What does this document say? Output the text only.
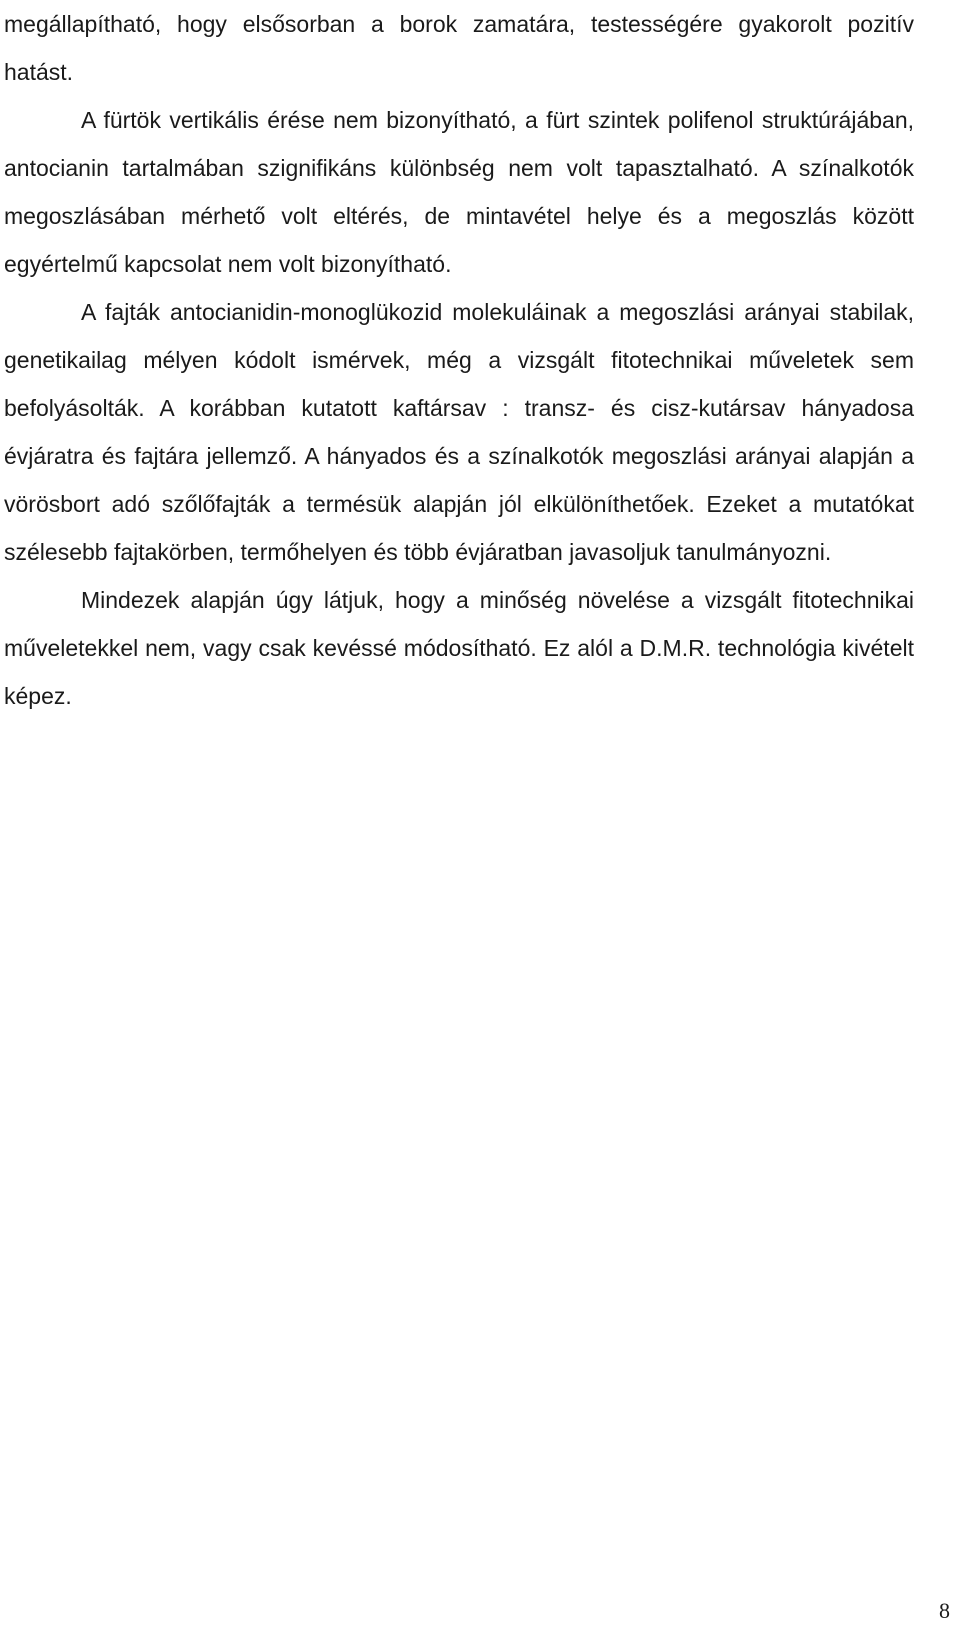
megállapítható, hogy elsősorban a borok zamatára, testességére gyakorolt pozitív hatást.

A fürtök vertikális érése nem bizonyítható, a fürt szintek polifenol struktúrájában, antocianin tartalmában szignifikáns különbség nem volt tapasztalható. A színalkotók megoszlásában mérhető volt eltérés, de mintavétel helye és a megoszlás között egyértelmű kapcsolat nem volt bizonyítható.

A fajták antocianidin-monoglükozid molekuláinak a megoszlási arányai stabilak, genetikailag mélyen kódolt ismérvek, még a vizsgált fitotechnikai műveletek sem befolyásolták. A korábban kutatott kaftársav : transz- és cisz-kutársav hányadosa évjáratra és fajtára jellemző. A hányados és a színalkotók megoszlási arányai alapján a vörösbort adó szőlőfajták a termésük alapján jól elkülöníthetőek. Ezeket a mutatókat szélesebb fajtakörben, termőhelyen és több évjáratban javasoljuk tanulmányozni.

Mindezek alapján úgy látjuk, hogy a minőség növelése a vizsgált fitotechnikai műveletekkel nem, vagy csak kevéssé módosítható. Ez alól a D.M.R. technológia kivételt képez.

8
